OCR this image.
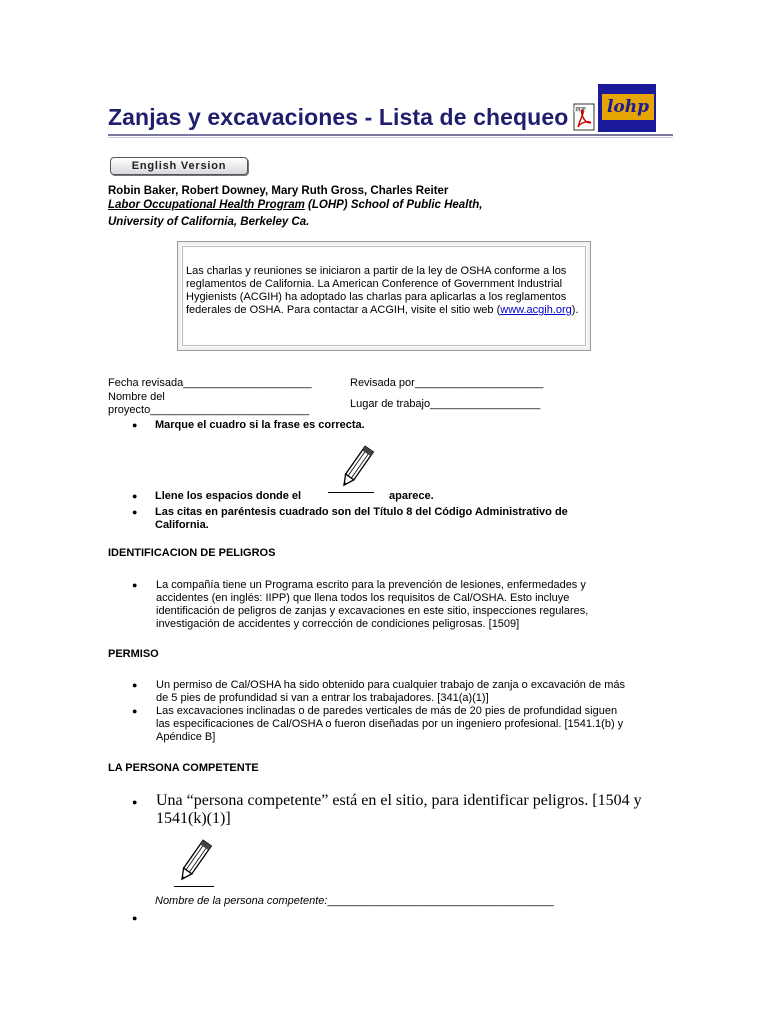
Zanjas y excavaciones - Lista de chequeo PDF lohp
English Version
Robin Baker, Robert Downey, Mary Ruth Gross, Charles Reiter
Labor Occupational Health Program (LOHP) School of Public Health,
University of California, Berkeley Ca.
Las charlas y reuniones se iniciaron a partir de la ley de OSHA conforme a los reglamentos de California. La American Conference of Government Industrial Hygienists (ACGIH) ha adoptado las charlas para aplicarlas a los reglamentos federales de OSHA. Para contactar a ACGIH, visite el sitio web (www.acgih.org).
Fecha revisada_____________________	Revisada por_____________________
Nombre del
proyecto__________________________	Lugar de trabajo__________________
● Marque el cuadro si la frase es correcta.
● Llene los espacios donde el	aparece.
● Las citas en paréntesis cuadrado son del Título 8 del Código Administrativo de
California.
IDENTIFICACION DE PELIGROS
● La compañía tiene un Programa escrito para la prevención de lesiones, enfermedades y
accidentes (en inglés: IIPP) que llena todos los requisitos de Cal/OSHA. Esto incluye
identificación de peligros de zanjas y excavaciones en este sitio, inspecciones regulares,
investigación de accidentes y corrección de condiciones peligrosas. [1509]
PERMISO
● Un permiso de Cal/OSHA ha sido obtenido para cualquier trabajo de zanja o excavación de más
de 5 pies de profundidad si van a entrar los trabajadores. [341(a)(1)]
● Las excavaciones inclinadas o de paredes verticales de más de 20 pies de profundidad siguen
las especificaciones de Cal/OSHA o fueron diseñadas por un ingeniero profesional. [1541.1(b) y
Apéndice B]
LA PERSONA COMPETENTE
● Una “persona competente” está en el sitio, para identificar peligros. [1504 y
1541(k)(1)]
Nombre de la persona competente:_____________________________________
●
